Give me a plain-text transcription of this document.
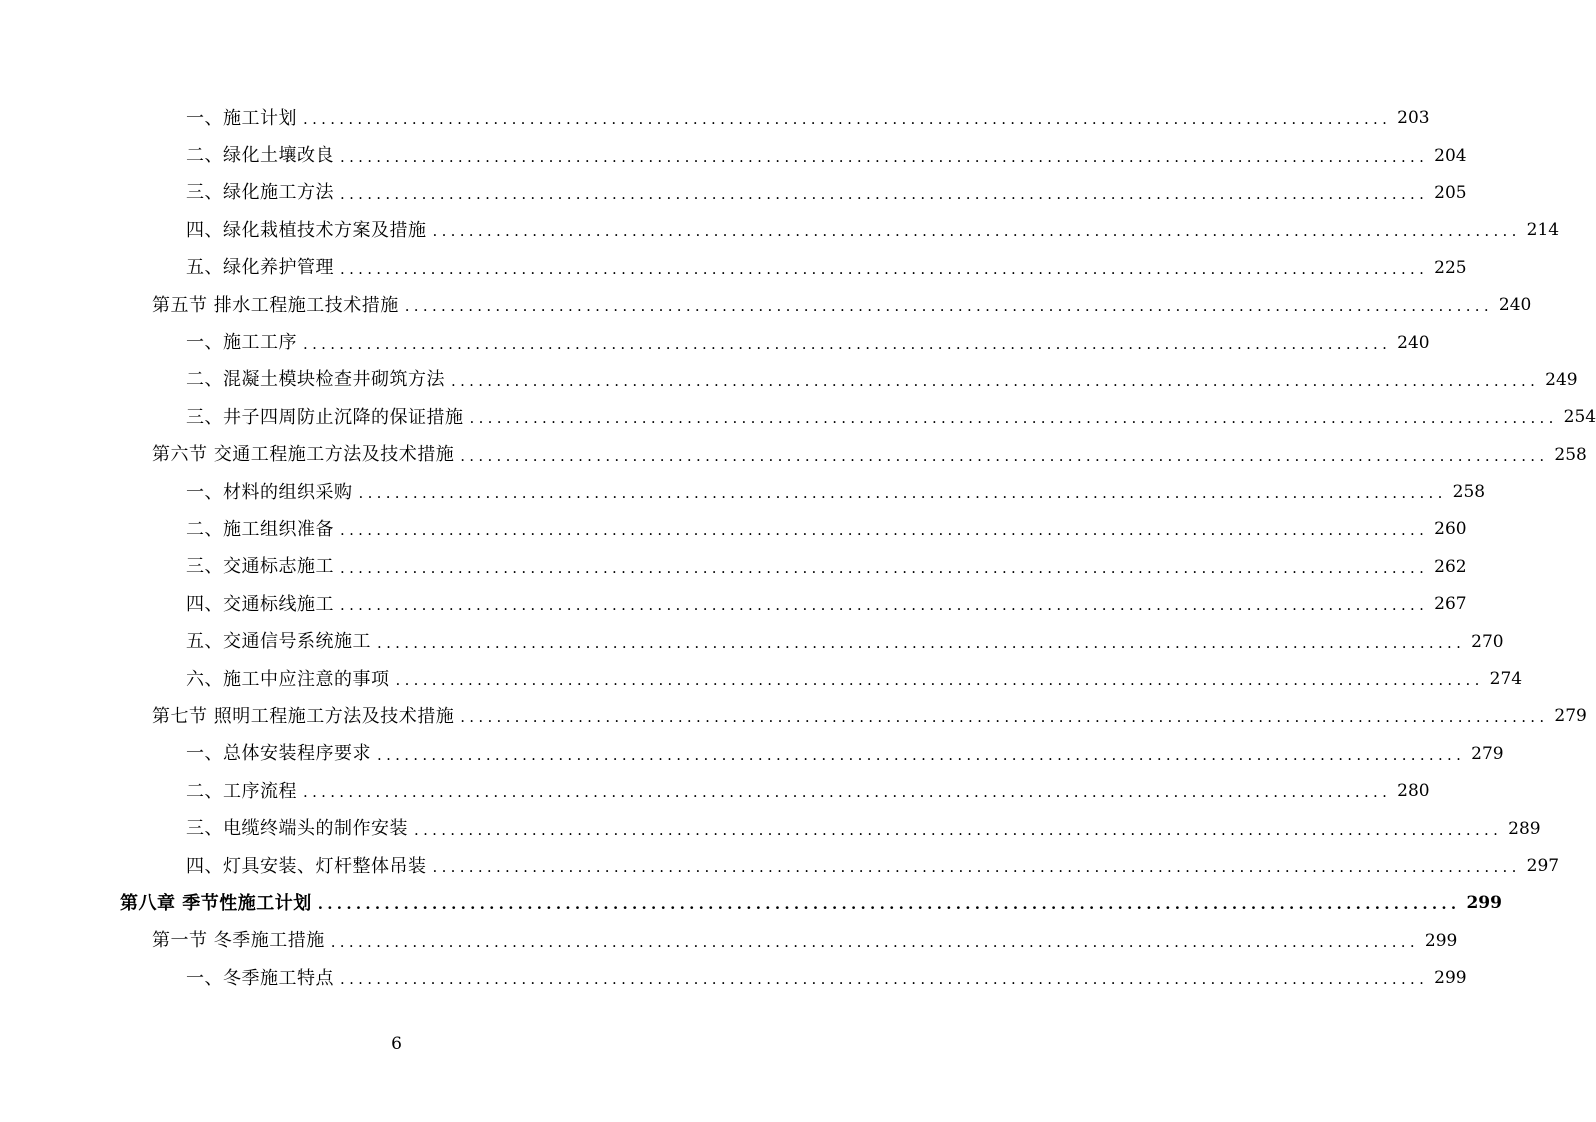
一、施工计划 ........................................................................................................................ 203
二、绿化土壤改良 ........................................................................................................................ 204
三、绿化施工方法 ........................................................................................................................ 205
四、绿化栽植技术方案及措施 ........................................................................................................................ 214
五、绿化养护管理 ........................................................................................................................ 225
第五节 排水工程施工技术措施 ........................................................................................................................ 240
一、施工工序 ........................................................................................................................ 240
二、混凝土模块检查井砌筑方法 ........................................................................................................................ 249
三、井子四周防止沉降的保证措施 ........................................................................................................................ 254
第六节 交通工程施工方法及技术措施 ........................................................................................................................ 258
一、材料的组织采购 ........................................................................................................................ 258
二、施工组织准备 ........................................................................................................................ 260
三、交通标志施工 ........................................................................................................................ 262
四、交通标线施工 ........................................................................................................................ 267
五、交通信号系统施工 ........................................................................................................................ 270
六、施工中应注意的事项 ........................................................................................................................ 274
第七节 照明工程施工方法及技术措施 ........................................................................................................................ 279
一、总体安装程序要求 ........................................................................................................................ 279
二、工序流程 ........................................................................................................................ 280
三、电缆终端头的制作安装 ........................................................................................................................ 289
四、灯具安装、灯杆整体吊装 ........................................................................................................................ 297
第八章 季节性施工计划 ........................................................................................................................ 299
第一节 冬季施工措施 ........................................................................................................................ 299
一、冬季施工特点 ........................................................................................................................ 299
6
